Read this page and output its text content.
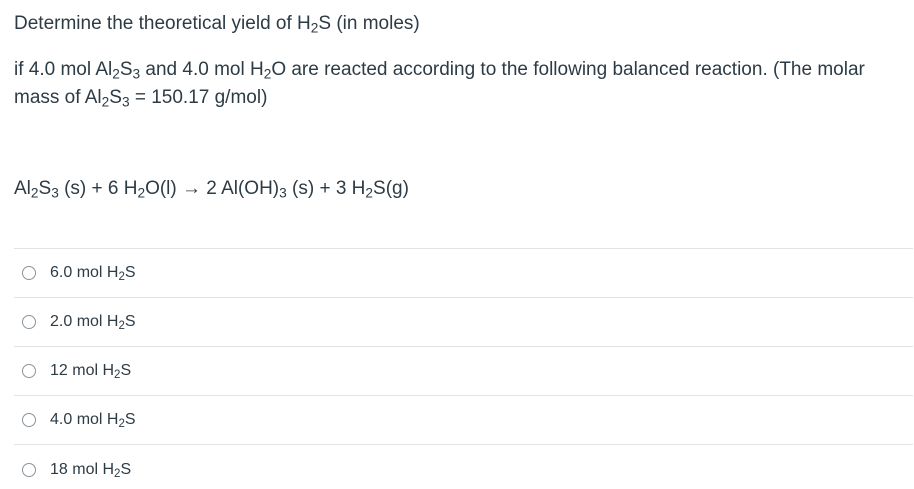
Determine the theoretical yield of $H_2S$ (in moles)
if 4.0 mol $Al_2S_3$ and 4.0 mol $H_2O$ are reacted according to the following balanced reaction. (The molar mass of $Al_2S_3 = 150.17$ g/mol)
$Al_2S_3$ (s) + 6 $H_2O(l) \to 2$ $Al(OH)_3$ (s) + 3 $H_2S(g)$
6.0 mol $H_2S$
2.0 mol $H_2S$
12 mol $H_2S$
4.0 mol $H_2S$
18 mol $H_2S$
